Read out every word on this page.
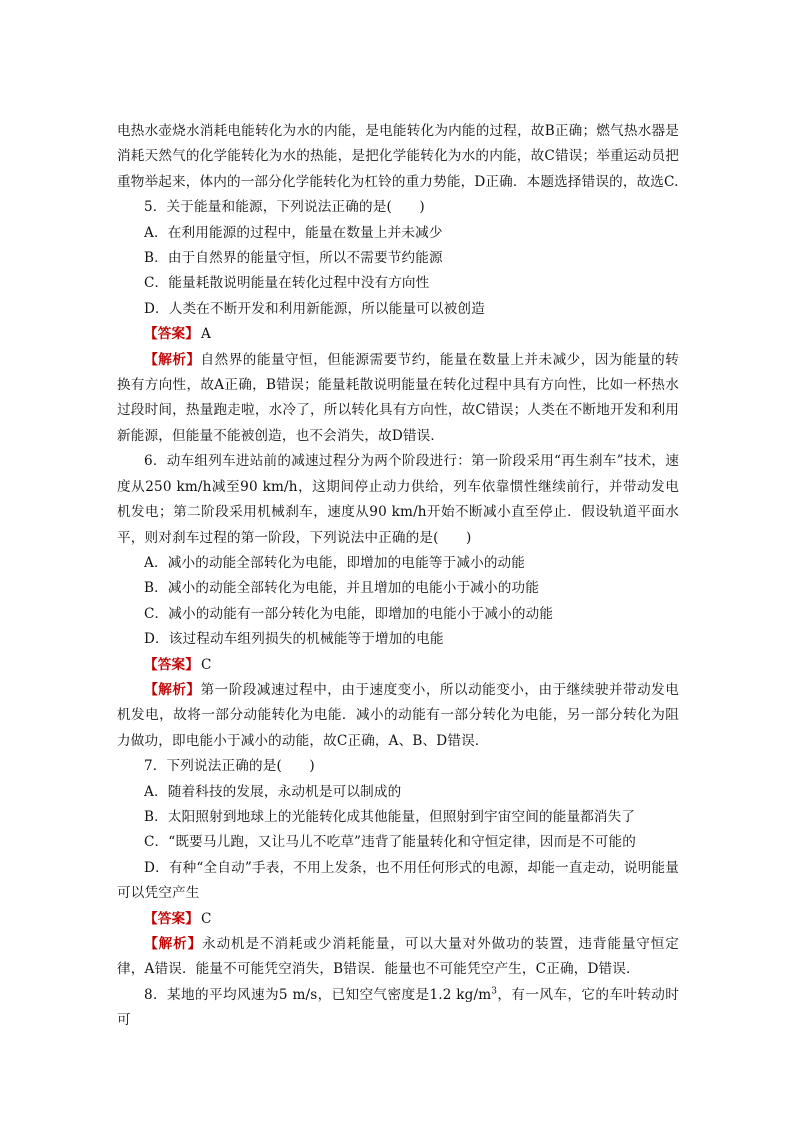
电热水壶烧水消耗电能转化为水的内能，是电能转化为内能的过程，故B正确；燃气热水器是消耗天然气的化学能转化为水的热能，是把化学能转化为水的内能，故C错误；举重运动员把重物举起来，体内的一部分化学能转化为杠铃的重力势能，D正确．本题选择错误的，故选C.

5．关于能量和能源，下列说法正确的是(　　)

A．在利用能源的过程中，能量在数量上并未减少

B．由于自然界的能量守恒，所以不需要节约能源

C．能量耗散说明能量在转化过程中没有方向性

D．人类在不断开发和利用新能源，所以能量可以被创造

【答案】 A

【解析】自然界的能量守恒，但能源需要节约，能量在数量上并未减少，因为能量的转换有方向性，故A正确，B错误；能量耗散说明能量在转化过程中具有方向性，比如一杯热水过段时间，热量跑走啦，水冷了，所以转化具有方向性，故C错误；人类在不断地开发和利用新能源，但能量不能被创造，也不会消失，故D错误．

6．动车组列车进站前的减速过程分为两个阶段进行：第一阶段采用“再生刹车”技术，速度从250 km/h减至90 km/h，这期间停止动力供给，列车依靠惯性继续前行，并带动发电机发电；第二阶段采用机械刹车，速度从90 km/h开始不断减小直至停止．假设轨道平面水平，则对刹车过程的第一阶段，下列说法中正确的是(　　)

A．减小的动能全部转化为电能，即增加的电能等于减小的动能

B．减小的动能全部转化为电能，并且增加的电能小于减小的功能

C．减小的动能有一部分转化为电能，即增加的电能小于减小的动能

D．该过程动车组列损失的机械能等于增加的电能

【答案】 C

【解析】第一阶段减速过程中，由于速度变小，所以动能变小，由于继续驶并带动发电机发电，故将一部分动能转化为电能．减小的动能有一部分转化为电能，另一部分转化为阻力做功，即电能小于减小的动能，故C正确，A、B、D错误．

7．下列说法正确的是(　　)

A．随着科技的发展，永动机是可以制成的

B．太阳照射到地球上的光能转化成其他能量，但照射到宇宙空间的能量都消失了

C．“既要马儿跑，又让马儿不吃草”违背了能量转化和守恒定律，因而是不可能的

D．有种“全自动”手表，不用上发条，也不用任何形式的电源，却能一直走动，说明能量可以凭空产生

【答案】 C

【解析】永动机是不消耗或少消耗能量，可以大量对外做功的装置，违背能量守恒定律，A错误．能量不可能凭空消失，B错误．能量也不可能凭空产生，C正确，D错误．

8．某地的平均风速为5 m/s，已知空气密度是1.2 $kg/m^3$，有一风车，它的车叶转动时可
